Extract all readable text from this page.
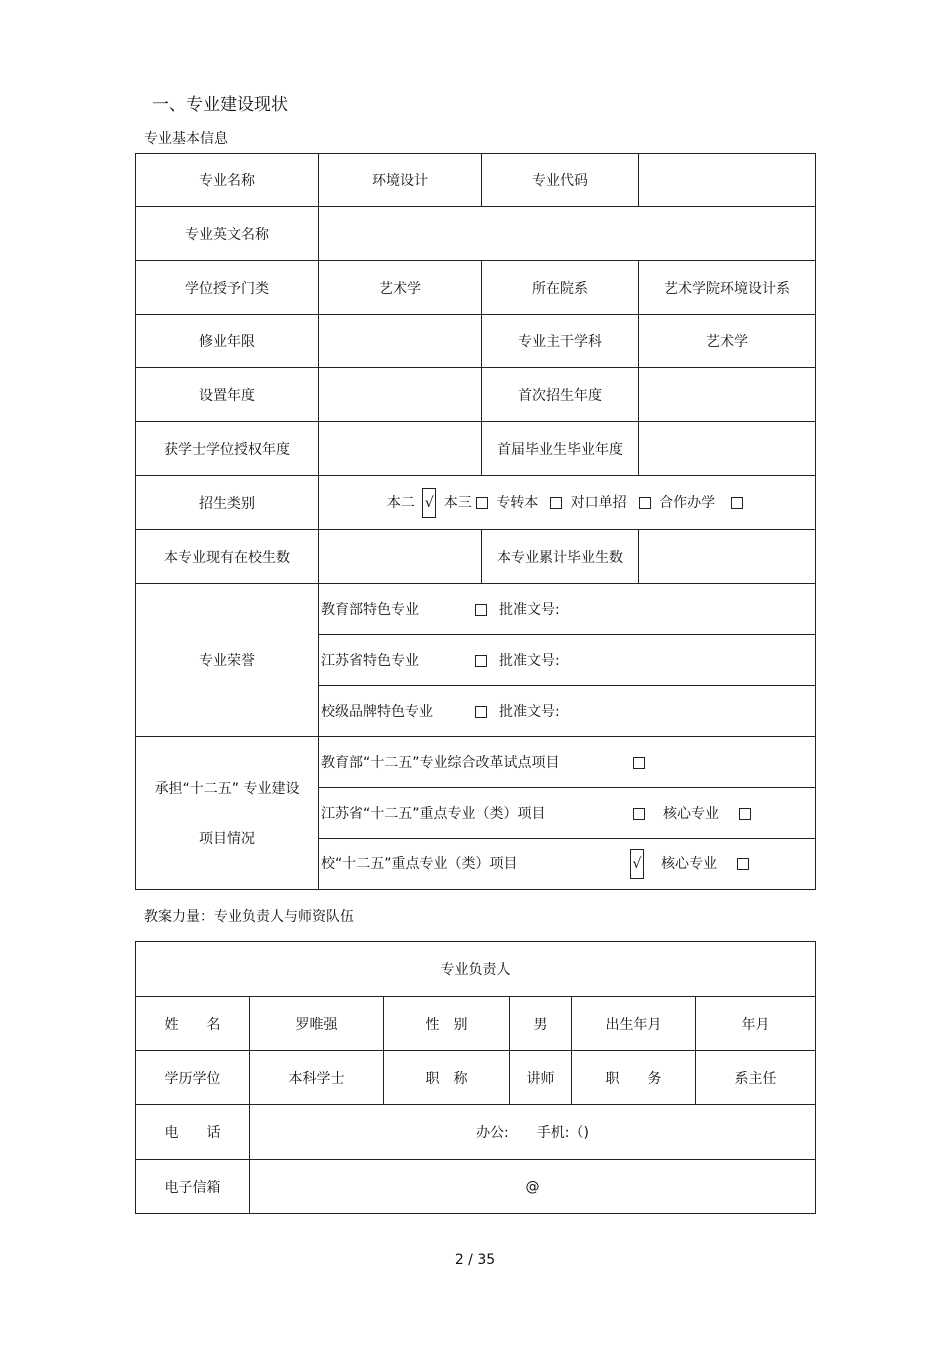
一、专业建设现状
专业基本信息
专业名称	环境设计	专业代码	
专业英文名称			
学位授予门类	艺术学	所在院系	艺术学院环境设计系
修业年限		专业主干学科	艺术学
设置年度		首次招生年度	
获学士学位授权年度		首届毕业生毕业年度	
招生类别	本二 √ 本三 专转本 对口单招 合作办学		
本专业现有在校生数		本专业累计毕业生数	
专业荣誉	教育部特色专业 批准文号:		
	江苏省特色专业 批准文号:		
	校级品牌特色专业 批准文号:		

承担“十二五” 专业建设
项目情况	教育部“十二五”专业综合改革试点项目		
	江苏省“十二五”重点专业（类）项目 核心专业		
	校“十二五”重点专业（类）项目 √ 核心专业		
教案力量：专业负责人与师资队伍
专业负责人					
姓　　名	罗唯强	性　别	男	出生年月	年月
学历学位	本科学士	职　称	讲师	职　　务	系主任
电　　话	办公:　　手机:（)				
电子信箱	@				
2 / 35
